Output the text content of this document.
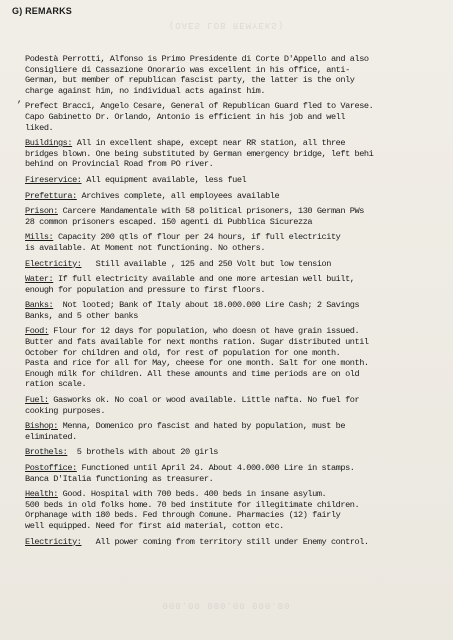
(OAES LOB REMYEKS)
000.00 000.00 000.00
G) REMARKS
,

Podestà Perrotti, Alfonso is Primo Presidente di Corte D'Appello and also
Consigliere di Cassazione Onorario was excellent in his office, anti-
German, but member of republican fascist party, the latter is the only
charge against him, no individual acts against him.

Prefect Bracci, Angelo Cesare, General of Republican Guard fled to Varese.
Capo Gabinetto Dr. Orlando, Antonio is efficient in his job and well
liked.

Buildings: All in excellent shape, except near RR station, all three
bridges blown. One being substituted by German emergency bridge, left behi
behind on Provincial Road from PO river.

Fireservice: All equipment available, less fuel

Prefettura: Archives complete, all employees available

Prison: Carcere Mandamentale with 58 political prisoners, 130 German PWs
28 common prisoners escaped. 150 agenti di Pubblica Sicurezza

Mills: Capacity 200 qtls of flour per 24 hours, if full electricity
is available. At Moment not functioning. No others.

Electricity:   Still available , 125 and 250 Volt but low tension

Water: If full electricity available and one more artesian well built,
enough for population and pressure to first floors.

Banks:  Not looted; Bank of Italy about 18.000.000 Lire Cash; 2 Savings
Banks, and 5 other banks

Food: Flour for 12 days for population, who doesn ot have grain issued.
Butter and fats available for next months ration. Sugar distributed until
October for children and old, for rest of population for one month.
Pasta and rice for all for May, cheese for one month. Salt for one month.
Enough milk for children. All these amounts and time periods are on old
ration scale.

Fuel: Gasworks ok. No coal or wood available. Little nafta. No fuel for
cooking purposes.

Bishop: Menna, Domenico pro fascist and hated by population, must be
eliminated.

Brothels:  5 brothels with about 20 girls

Postoffice: Functioned until April 24. About 4.000.000 Lire in stamps.
Banca D'Italia functioning as treasurer.

Health: Good. Hospital with 700 beds. 400 beds in insane asylum.
500 beds in old folks home. 70 bed institute for illegitimate children.
Orphanage with 180 beds. Fed through Comune. Pharmacies (12) fairly
well equipped. Need for first aid material, cotton etc.

Electricity:   All power coming from territory still under Enemy control.
